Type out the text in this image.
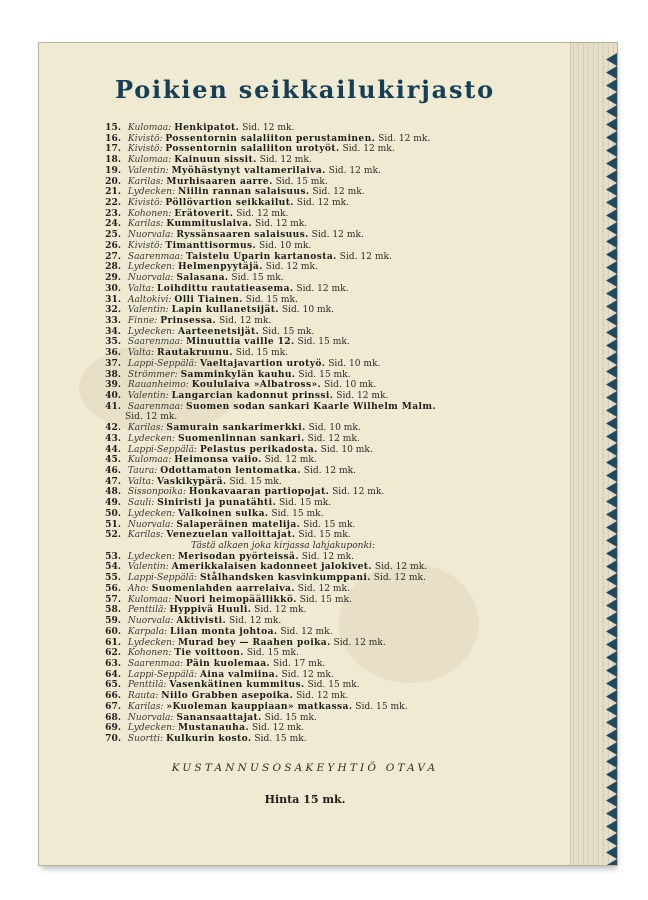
Poikien seikkailukirjasto
15. Kulomaa: Henkipatot. Sid. 12 mk.
16. Kivistö: Possentornin salaliiton perustaminen. Sid. 12 mk.
17. Kivistö: Possentornin salaliiton urotyöt. Sid. 12 mk.
18. Kulomaa: Kainuun sissit. Sid. 12 mk.
19. Valentin: Myöhästynyt valtamerilaiva. Sid. 12 mk.
20. Karilas: Murhisaaren aarre. Sid. 15 mk.
21. Lydecken: Niilin rannan salaisuus. Sid. 12 mk.
22. Kivistö: Pöllövartion seikkailut. Sid. 12 mk.
23. Kohonen: Erätoverit. Sid. 12 mk.
24. Karilas: Kummituslaiva. Sid. 12 mk.
25. Nuorvala: Ryssänsaaren salaisuus. Sid. 12 mk.
26. Kivistö: Timanttisormus. Sid. 10 mk.
27. Saarenmaa: Taistelu Uparin kartanosta. Sid. 12 mk.
28. Lydecken: Helmenpyytäjä. Sid. 12 mk.
29. Nuorvala: Salasana. Sid. 15 mk.
30. Valta: Loihdittu rautatieasema. Sid. 12 mk.
31. Aaltokivi: Olli Tiainen. Sid. 15 mk.
32. Valentin: Lapin kullanetsijät. Sid. 10 mk.
33. Finne: Prinsessa. Sid. 12 mk.
34. Lydecken: Aarteenetsijät. Sid. 15 mk.
35. Saarenmaa: Minuuttia vaille 12. Sid. 15 mk.
36. Valta: Rautakruunu. Sid. 15 mk.
37. Lappi-Seppälä: Vaeltajavartion urotyö. Sid. 10 mk.
38. Strömmer: Samminkylän kauhu. Sid. 15 mk.
39. Rauanheimo: Koululaiva »Albatross». Sid. 10 mk.
40. Valentin: Langarcian kadonnut prinssi. Sid. 12 mk.
41. Saarenmaa: Suomen sodan sankari Kaarle Wilhelm Malm.
Sid. 12 mk.
42. Karilas: Samurain sankarimerkki. Sid. 10 mk.
43. Lydecken: Suomenlinnan sankari. Sid. 12 mk.
44. Lappi-Seppälä: Pelastus perikadosta. Sid. 10 mk.
45. Kulomaa: Heimonsa vaiio. Sid. 12 mk.
46. Taura: Odottamaton lentomatka. Sid. 12 mk.
47. Valta: Vaskikypärä. Sid. 15 mk.
48. Sissonpoika: Honkavaaran partiopojat. Sid. 12 mk.
49. Sauli: Siniristi ja punatähti. Sid. 15 mk.
50. Lydecken: Valkoinen sulka. Sid. 15 mk.
51. Nuorvala: Salaperäinen matelija. Sid. 15 mk.
52. Karilas: Venezuelan valloittajat. Sid. 15 mk.
Tästä alkaen joka kirjassa lahjakuponki:
53. Lydecken: Merisodan pyörteissä. Sid. 12 mk.
54. Valentin: Amerikkalaisen kadonneet jalokivet. Sid. 12 mk.
55. Lappi-Seppälä: Stålhandsken kasvinkumppani. Sid. 12 mk.
56. Aho: Suomenlahden aarrelaiva. Sid. 12 mk.
57. Kulomaa: Nuori heimopäällikkö. Sid. 15 mk.
58. Penttilä: Hyppivä Huuli. Sid. 12 mk.
59. Nuorvala: Aktivisti. Sid. 12 mk.
60. Karpala: Liian monta johtoa. Sid. 12 mk.
61. Lydecken: Murad bey — Raahen poika. Sid. 12 mk.
62. Kohonen: Tie voittoon. Sid. 15 mk.
63. Saarenmaa: Päin kuolemaa. Sid. 17 mk.
64. Lappi-Seppälä: Aina valmiina. Sid. 12 mk.
65. Penttilä: Vasenkätinen kummitus. Sid. 15 mk.
66. Rauta: Niilo Grabben asepoika. Sid. 12 mk.
67. Karilas: »Kuoleman kauppiaan» matkassa. Sid. 15 mk.
68. Nuorvala: Sanansaattajat. Sid. 15 mk.
69. Lydecken: Mustanauha. Sid. 12 mk.
70. Suortti: Kulkurin kosto. Sid. 15 mk.
KUSTANNUSOSAKEYHTIÖ OTAVA
Hinta 15 mk.
